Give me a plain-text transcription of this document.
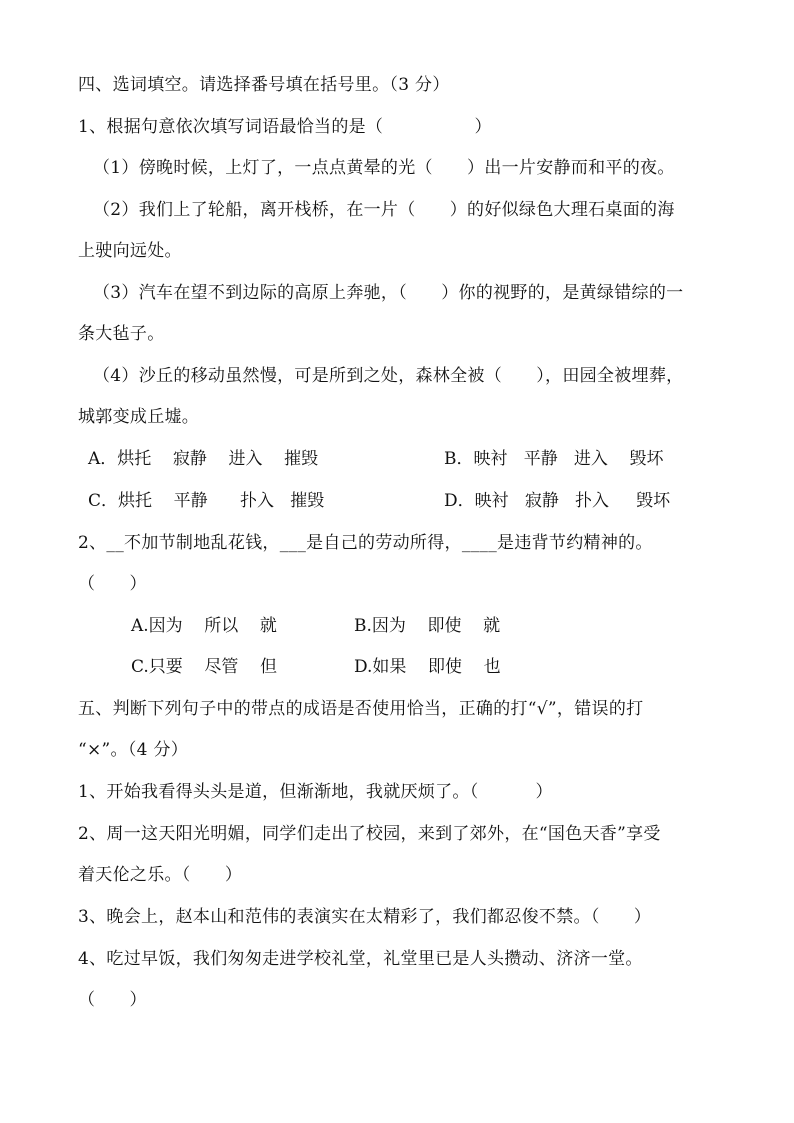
四、选词填空。请选择番号填在括号里。（3 分）
1、根据句意依次填写词语最恰当的是（                ）
（1）傍晚时候，上灯了，一点点黄晕的光（      ）出一片安静而和平的夜。
（2）我们上了轮船，离开栈桥，在一片（      ）的好似绿色大理石桌面的海
上驶向远处。
（3）汽车在望不到边际的高原上奔驰，（      ）你的视野的，是黄绿错综的一
条大毡子。
（4）沙丘的移动虽然慢，可是所到之处，森林全被（      ），田园全被埋葬，
城郭变成丘墟。
A．烘托    寂静    进入    摧毁	B．映衬   平静   进入    毁坏
C．烘托    平静      扑入   摧毁	D．映衬   寂静   扑入     毁坏
2、__不加节制地乱花钱，___是自己的劳动所得，____是违背节约精神的。
（      ）
A.因为    所以    就	B.因为    即使    就
C.只要    尽管    但	D.如果    即使    也
五、判断下列句子中的带点的成语是否使用恰当，正确的打“√”，错误的打
“×”。（4 分）
1、开始我看得头头是道，但渐渐地，我就厌烦了。（          ）
2、周一这天阳光明媚，同学们走出了校园，来到了郊外，在“国色天香”享受
着天伦之乐。（      ）
3、晚会上，赵本山和范伟的表演实在太精彩了，我们都忍俊不禁。（      ）
4、吃过早饭，我们匆匆走进学校礼堂，礼堂里已是人头攒动、济济一堂。
（      ）
